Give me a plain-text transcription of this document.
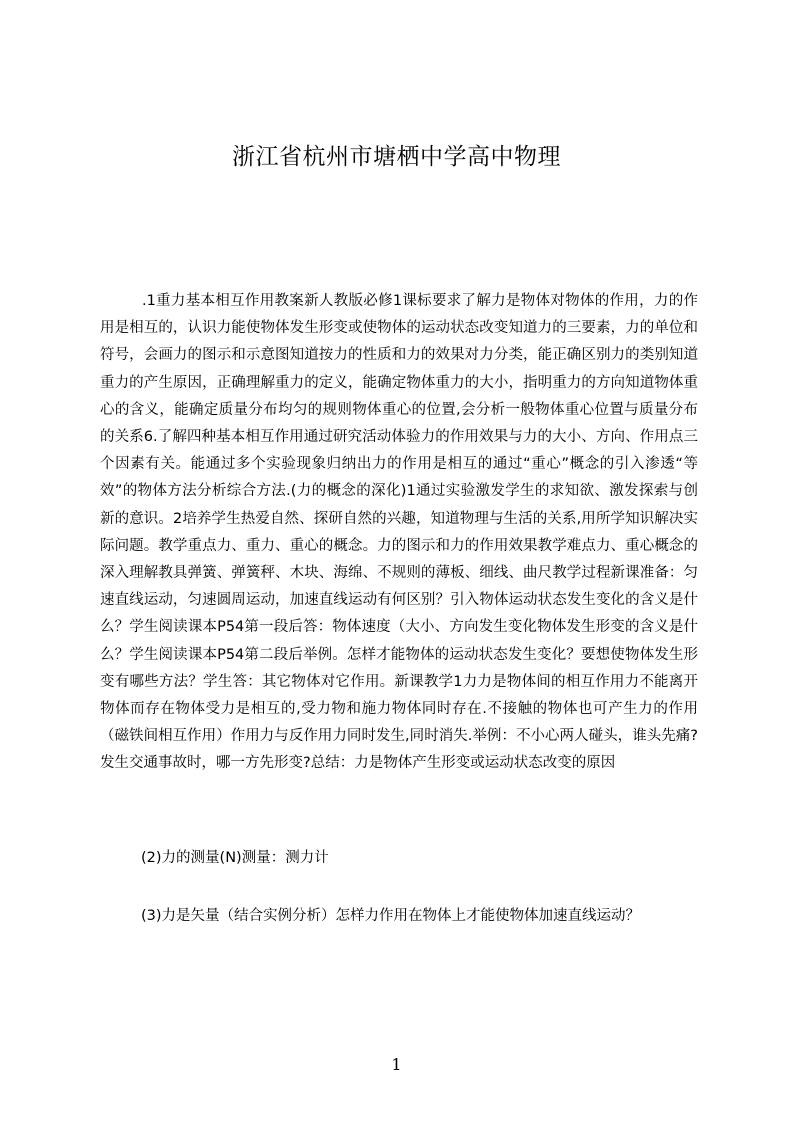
浙江省杭州市塘栖中学高中物理
.1重力基本相互作用教案新人教版必修1课标要求了解力是物体对物体的作用，力的作用是相互的，认识力能使物体发生形变或使物体的运动状态改变知道力的三要素，力的单位和符号，会画力的图示和示意图知道按力的性质和力的效果对力分类，能正确区别力的类别知道重力的产生原因，正确理解重力的定义，能确定物体重力的大小，指明重力的方向知道物体重心的含义，能确定质量分布均匀的规则物体重心的位置,会分析一般物体重心位置与质量分布的关系6.了解四种基本相互作用通过研究活动体验力的作用效果与力的大小、方向、作用点三个因素有关。能通过多个实验现象归纳出力的作用是相互的通过“重心”概念的引入渗透“等效”的物体方法分析综合方法.(力的概念的深化)1通过实验激发学生的求知欲、激发探索与创新的意识。2培养学生热爱自然、探研自然的兴趣，知道物理与生活的关系,用所学知识解决实际问题。教学重点力、重力、重心的概念。力的图示和力的作用效果教学难点力、重心概念的深入理解教具弹簧、弹簧秤、木块、海绵、不规则的薄板、细线、曲尺教学过程新课准备：匀速直线运动，匀速圆周运动，加速直线运动有何区别？引入物体运动状态发生变化的含义是什么？学生阅读课本P54第一段后答：物体速度（大小、方向发生变化物体发生形变的含义是什么？学生阅读课本P54第二段后举例。怎样才能物体的运动状态发生变化？要想使物体发生形变有哪些方法？学生答：其它物体对它作用。新课教学1力力是物体间的相互作用力不能离开物体而存在物体受力是相互的,受力物和施力物体同时存在.不接触的物体也可产生力的作用（磁铁间相互作用）作用力与反作用力同时发生,同时消失.举例：不小心两人碰头，谁头先痛?发生交通事故时，哪一方先形变?总结：力是物体产生形变或运动状态改变的原因
(2)力的测量(N)测量：测力计
(3)力是矢量（结合实例分析）怎样力作用在物体上才能使物体加速直线运动？
1
